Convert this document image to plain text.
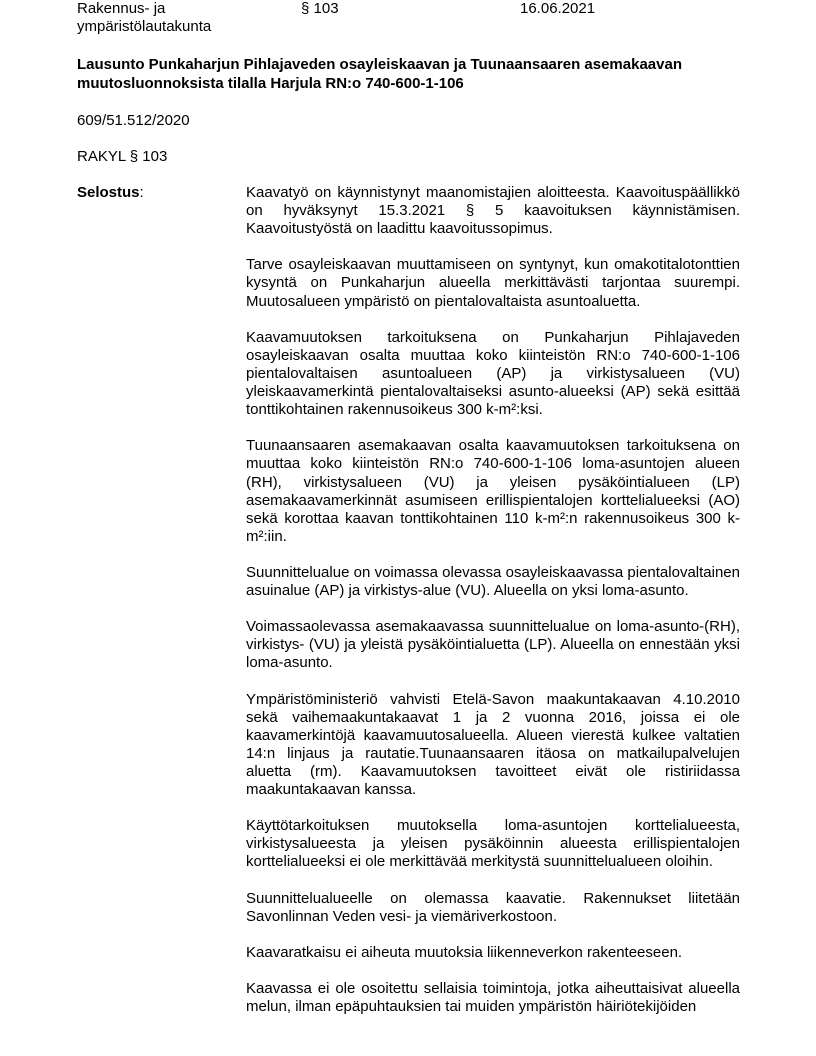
Rakennus- ja
ympäristölautakunta
§ 103	16.06.2021
Lausunto Punkaharjun Pihlajaveden osayleiskaavan ja Tuunaansaaren asemakaavan
muutosluonnoksista tilalla Harjula RN:o 740-600-1-106
609/51.512/2020
RAKYL § 103
Selostus:	Kaavatyö on käynnistynyt maanomistajien aloitteesta. Kaavoituspäällikkö on hyväksynyt 15.3.2021 § 5 kaavoituksen käynnistämisen. Kaavoitustyöstä on laadittu kaavoitussopimus.

Tarve osayleiskaavan muuttamiseen on syntynyt, kun omakotitalotonttien kysyntä on Punkaharjun alueella merkittävästi tarjontaa suurempi. Muutosalueen ympäristö on pientalovaltaista asuntoaluetta.

Kaavamuutoksen tarkoituksena on Punkaharjun Pihlajaveden osayleiskaavan osalta muuttaa koko kiinteistön RN:o 740-600-1-106 pientalovaltaisen asuntoalueen (AP) ja virkistysalueen (VU) yleiskaavamerkintä pientalovaltaiseksi asunto-alueeksi (AP) sekä esittää tonttikohtainen rakennusoikeus 300 k-m²:ksi.

Tuunaansaaren asemakaavan osalta kaavamuutoksen tarkoituksena on muuttaa koko kiinteistön RN:o 740-600-1-106 loma-asuntojen alueen (RH), virkistysalueen (VU) ja yleisen pysäköintialueen (LP) asemakaavamerkinnät asumiseen erillispientalojen korttelialueeksi (AO) sekä korottaa kaavan tonttikohtainen 110 k-m²:n rakennusoikeus 300 k-m²:iin.

Suunnittelualue on voimassa olevassa osayleiskaavassa pientalovaltainen asuinalue (AP) ja virkistys-alue (VU). Alueella on yksi loma-asunto.

Voimassaolevassa asemakaavassa suunnittelualue on loma-asunto-(RH), virkistys- (VU) ja yleistä pysäköintialuetta (LP). Alueella on ennestään yksi loma-asunto.

Ympäristöministeriö vahvisti Etelä-Savon maakuntakaavan 4.10.2010 sekä vaihemaakuntakaavat 1 ja 2 vuonna 2016, joissa ei ole kaavamerkintöjä kaavamuutosalueella. Alueen vierestä kulkee valtatien 14:n linjaus ja rautatie.Tuunaansaaren itäosa on matkailupalvelujen aluetta (rm). Kaavamuutoksen tavoitteet eivät ole ristiriidassa maakuntakaavan kanssa.

Käyttötarkoituksen muutoksella loma-asuntojen korttelialueesta, virkistysalueesta ja yleisen pysäköinnin alueesta erillispientalojen korttelialueeksi ei ole merkittävää merkitystä suunnittelualueen oloihin.

Suunnittelualueelle on olemassa kaavatie. Rakennukset liitetään Savonlinnan Veden vesi- ja viemäriverkostoon.

Kaavaratkaisu ei aiheuta muutoksia liikenneverkon rakenteeseen.

Kaavassa ei ole osoitettu sellaisia toimintoja, jotka aiheuttaisivat alueella melun, ilman epäpuhtauksien tai muiden ympäristön häiriötekijöiden
